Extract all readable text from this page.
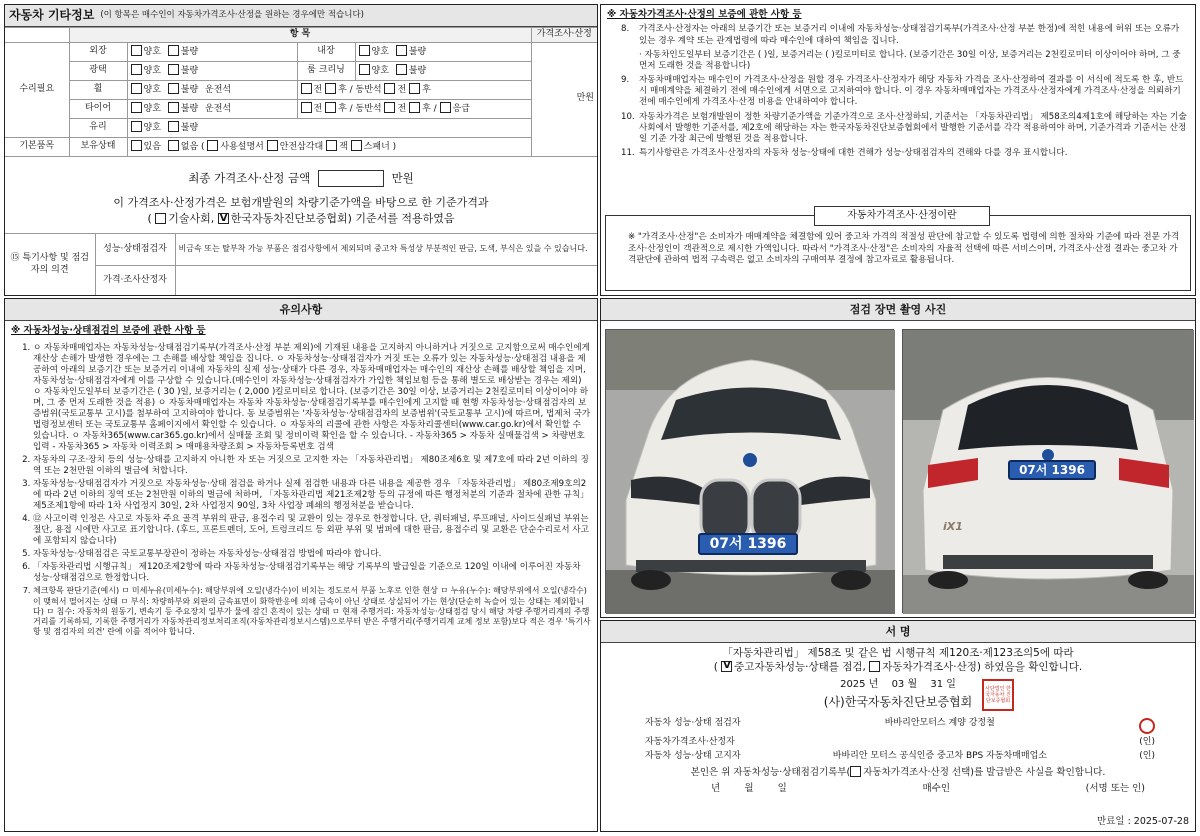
자동차 기타정보 (이 항목은 매수인이 자동차가격조사·산정을 원하는 경우에만 적습니다)
	항 목				가격조사·산정
수리필요	외장	양호 불량	내장	양호 불량	만원
	광택	양호 불량	룸 크리닝	양호 불량	
	휠	양호 불량 운전석	전 후 / 동반석 전 후		
	타이어	양호 불량 운전석	전 후 / 동반석 전 후 / 응급		
	유리	양호 불량			
기본품목	보유상태	있음 없음 ( 사용설명서 안전삼각대 잭 스패너 )			
최종 가격조사·산정 금액	만원
이 가격조사·산정가격은 보험개발원의 차량기준가액을 바탕으로 한 기준가격과
( 기술사회, V 한국자동차진단보증협회) 기준서를 적용하였음
⑮ 특기사항 및 점검자의 의견	성능·상태점검자	비금속 또는 탈부착 가능 부품은 점검사항에서 제외되며 중고차 특성상 부분적인 판금, 도색, 부식은 있을 수 있습니다.
	가격·조사산정자	
※ 자동차가격조사·산정의 보증에 관한 사항 등
8.	가격조사·산정자는 아래의 보증기간 또는 보증거리 이내에 자동차성능·상태점검기록부(가격조사·산정 부분 한정)에 적힌 내용에 허위 또는 오류가 있는 경우 계약 또는 관계법령에 따라 매수인에 대하여 책임을 집니다.
· 자동차인도일부터 보증기간은 ( )일, 보증거리는 ( )킬로미터로 합니다. (보증기간은 30일 이상, 보증거리는 2천킬로미터 이상이어야 하며, 그 중 먼저 도래한 것을 적용합니다)
9.	자동차매매업자는 매수인이 가격조사·산정을 원할 경우 가격조사·산정자가 해당 자동차 가격을 조사·산정하여 결과를 이 서식에 적도록 한 후, 반드시 매매계약을 체결하기 전에 매수인에게 서면으로 고지하여야 합니다. 이 경우 자동차매매업자는 가격조사·산정자에게 가격조사·산정을 의뢰하기 전에 매수인에게 가격조사·산정 비용을 안내하여야 합니다.
10. 자동차가격은 보험개발원이 정한 차량기준가액을 기준가격으로 조사·산정하되, 기준서는 「자동차관리법」 제58조의4제1호에 해당하는 자는 기술사회에서 발행한 기준서를, 제2호에 해당하는 자는 한국자동차진단보증협회에서 발행한 기준서를 각각 적용하여야 하며, 기준가격과 기준서는 산정일 기준 가장 최근에 발행된 것을 적용합니다.
11. 특기사항란은 가격조사·산정자의 자동차 성능·상태에 대한 견해가 성능·상태점검자의 견해와 다를 경우 표시합니다.
자동차가격조사·산정이란
※ "가격조사·산정"은 소비자가 매매계약을 체결함에 있어 중고차 가격의 적절성 판단에 참고할 수 있도록 법령에 의한 절차와 기준에 따라 전문 가격조사·산정인이 객관적으로 제시한 가액입니다. 따라서 "가격조사·산정"은 소비자의 자율적 선택에 따른 서비스이며, 가격조사·산정 결과는 중고차 가격판단에 관하여 법적 구속력은 없고 소비자의 구매여부 결정에 참고자료로 활용됩니다.
유의사항
※ 자동차성능·상태점검의 보증에 관한 사항 등
1. ㅇ 자동차매매업자는 자동차성능·상태점검기록부(가격조사·산정 부분 제외)에 기재된 내용을 고지하지 아니하거나 거짓으로 고지함으로써 매수인에게 재산상 손해가 발생한 경우에는 그 손해를 배상할 책임을 집니다. ㅇ 자동차성능·상태점검자가 거짓 또는 오류가 있는 자동차성능·상태점검 내용을 제공하여 아래의 보증기간 또는 보증거리 이내에 자동차의 실제 성능·상태가 다른 경우, 자동차매매업자는 매수인의 재산상 손해를 배상할 책임을 지며, 자동차성능·상태점검자에게 이를 구상할 수 있습니다.(매수인이 자동차성능·상태점검자가 가입한 책임보험 등을 통해 별도로 배상받는 경우는 제외) ㅇ 자동차인도일부터 보증기간은 ( 30 )일, 보증거리는 ( 2,000 )킬로미터로 합니다. (보증기간은 30일 이상, 보증거리는 2천킬로미터 이상이어야 하며, 그 중 먼저 도래한 것을 적용) ㅇ 자동차매매업자는 자동차 자동차성능·상태점검기록부를 매수인에게 고지할 때 현행 자동차성능·상태점검자의 보증범위(국토교통부 고시)를 첨부하여 고지하여야 합니다. 동 보증범위는 '자동차성능·상태점검자의 보증범위'(국토교통부 고시)에 따르며, 법제처 국가법령정보센터 또는 국토교통부 홈페이지에서 확인할 수 있습니다. ㅇ 자동차의 리콜에 관한 사항은 자동차리콜센터(www.car.go.kr)에서 확인할 수 있습니다. ㅇ 자동차365(www.car365.go.kr)에서 실매물 조회 및 정비이력 확인을 할 수 있습니다. - 자동차365 > 자동차 실매물검색 > 차량번호 입력 - 자동차365 > 자동차 이력조회 > 매매용차량조회 > 자동차등록번호 검색
2. 자동차의 구조·장치 등의 성능·상태를 고지하지 아니한 자 또는 거짓으로 고지한 자는 「자동차관리법」 제80조제6호 및 제7호에 따라 2년 이하의 징역 또는 2천만원 이하의 벌금에 처합니다.
3. 자동차성능·상태점검자가 거짓으로 자동차성능·상태 점검을 하거나 실제 점검한 내용과 다른 내용을 제공한 경우 「자동차관리법」 제80조제9호의2에 따라 2년 이하의 징역 또는 2천만원 이하의 벌금에 처하며, 「자동차관리법 제21조제2항 등의 규정에 따른 행정처분의 기준과 절차에 관한 규칙」 제5조제1항에 따라 1차 사업정지 30일, 2차 사업정지 90일, 3차 사업장 폐쇄의 행정처분을 받습니다.
4. ⑫ 사고이력 인정은 사고로 자동차 주요 골격 부위의 판금, 용접수리 및 교환이 있는 경우로 한정합니다. 단, 쿼터패널, 루프패널, 사이드실패널 부위는 절단, 용접 시에만 사고로 표기합니다. (후드, 프론트펜더, 도어, 트렁크리드 등 외판 부위 및 범퍼에 대한 판금, 용접수리 및 교환은 단순수리로서 사고에 포함되지 않습니다)
5. 자동차성능·상태점검은 국토교통부장관이 정하는 자동차성능·상태점검 방법에 따라야 합니다.
6. 「자동차관리법 시행규칙」 제120조제2항에 따라 자동차성능·상태점검기록부는 해당 기록부의 발급일을 기준으로 120일 이내에 이루어진 자동차 성능·상태점검으로 한정합니다.
7. 체크항목 판단기준(예시) ㅁ 미세누유(미세누수): 해당부위에 오일(냉각수)이 비치는 정도로서 부품 노후로 인한 현상 ㅁ 누유(누수): 해당부위에서 오일(냉각수)이 맺혀서 떨어지는 상태 ㅁ 부식: 차량하부와 외판의 금속표면이 화학반응에 의해 금속이 아닌 상태로 상실되어 가는 현상(단순히 녹슬어 있는 상태는 제외합니다) ㅁ 침수: 자동차의 원동기, 변속기 등 주요장치 일부가 물에 잠긴 흔적이 있는 상태 ㅁ 현재 주행거리: 자동차성능·상태점검 당시 해당 차량 주행거리계의 주행거리를 기록하되, 기록한 주행거리가 자동차관리정보처리조직(자동차관리정보시스템)으로부터 받은 주행거리(주행거리계 교체 정보 포함)보다 적은 경우 '특기사항 및 점검자의 의견' 란에 이를 적어야 합니다.
점검 장면 촬영 사진
07서 1396
07서 1396
iX1
서 명
「자동차관리법」 제58조 및 같은 법 시행규칙 제120조·제123조의5에 따라
( V중고자동차성능·상태를 점검, 자동차가격조사·산정) 하였음을 확인합니다.
2025 년 03 월 31 일
(사)한국자동차진단보증협회
사단법인 한국자동차 진단보증협회
자동차 성능·상태 점검자	바바리안모터스 계양 강정철
자동차가격조사·산정자	(인)
자동차 성능·상태 고지자	바바리안 모터스 공식인증 중고차 BPS 자동차매매업소	(인)
본인은 위 자동차성능·상태점검기록부( 자동차가격조사·산정 선택)를 발급받은 사실을 확인합니다.
년        월        일	매수인	(서명 또는 인)
만료일 : 2025-07-28
